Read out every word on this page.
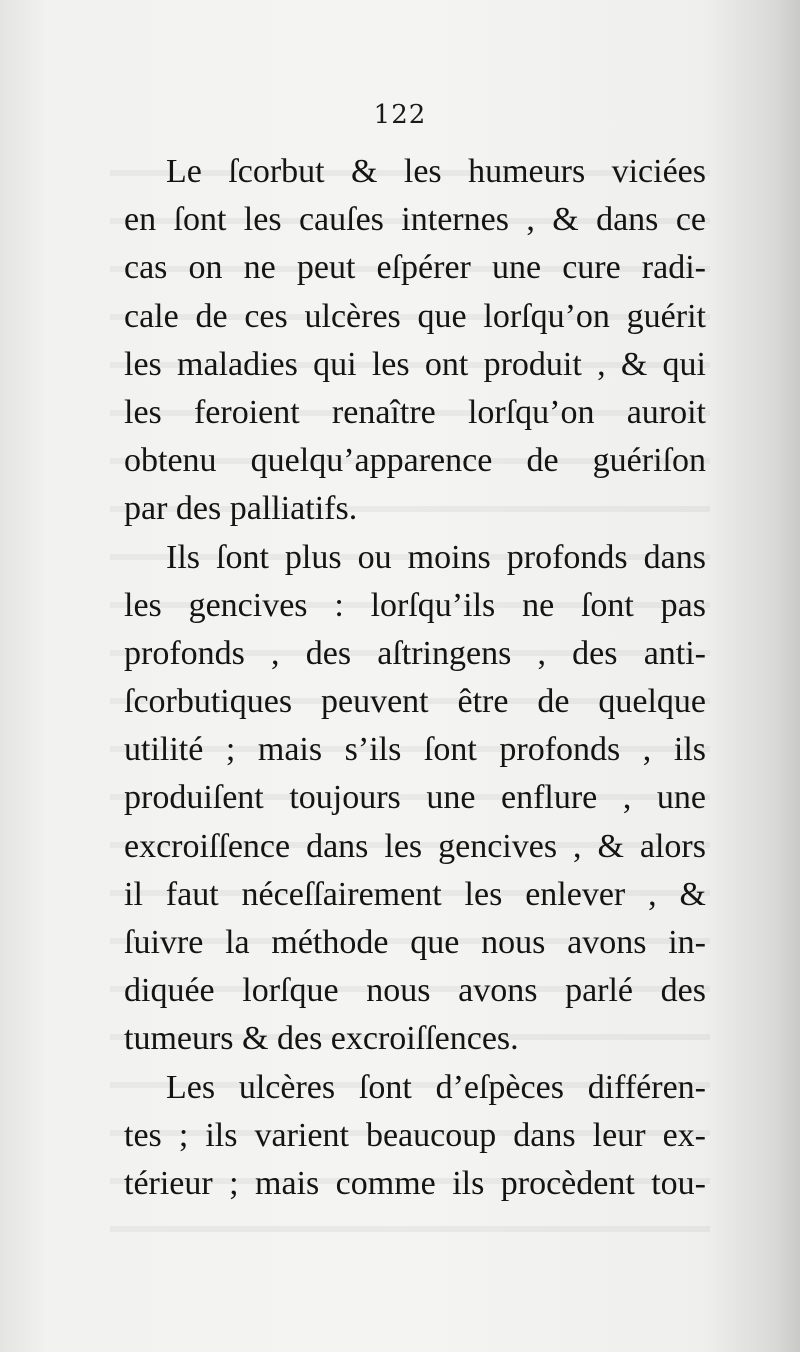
122
Le ſcorbut & les humeurs viciées
en ſont les cauſes internes , & dans ce
cas on ne peut eſpérer une cure radi-
cale de ces ulcères que lorſqu’on guérit
les maladies qui les ont produit , & qui
les feroient renaître lorſqu’on auroit
obtenu quelqu’apparence de guériſon
par des palliatifs.
Ils ſont plus ou moins profonds dans
les gencives : lorſqu’ils ne ſont pas
profonds , des aſtringens , des anti-
ſcorbutiques peuvent être de quelque
utilité ; mais s’ils ſont profonds , ils
produiſent toujours une enflure , une
excroiſſence dans les gencives , & alors
il faut néceſſairement les enlever , &
ſuivre la méthode que nous avons in-
diquée lorſque nous avons parlé des
tumeurs & des excroiſſences.
Les ulcères ſont d’eſpèces différen-
tes ; ils varient beaucoup dans leur ex-
térieur ; mais comme ils procèdent tou-
